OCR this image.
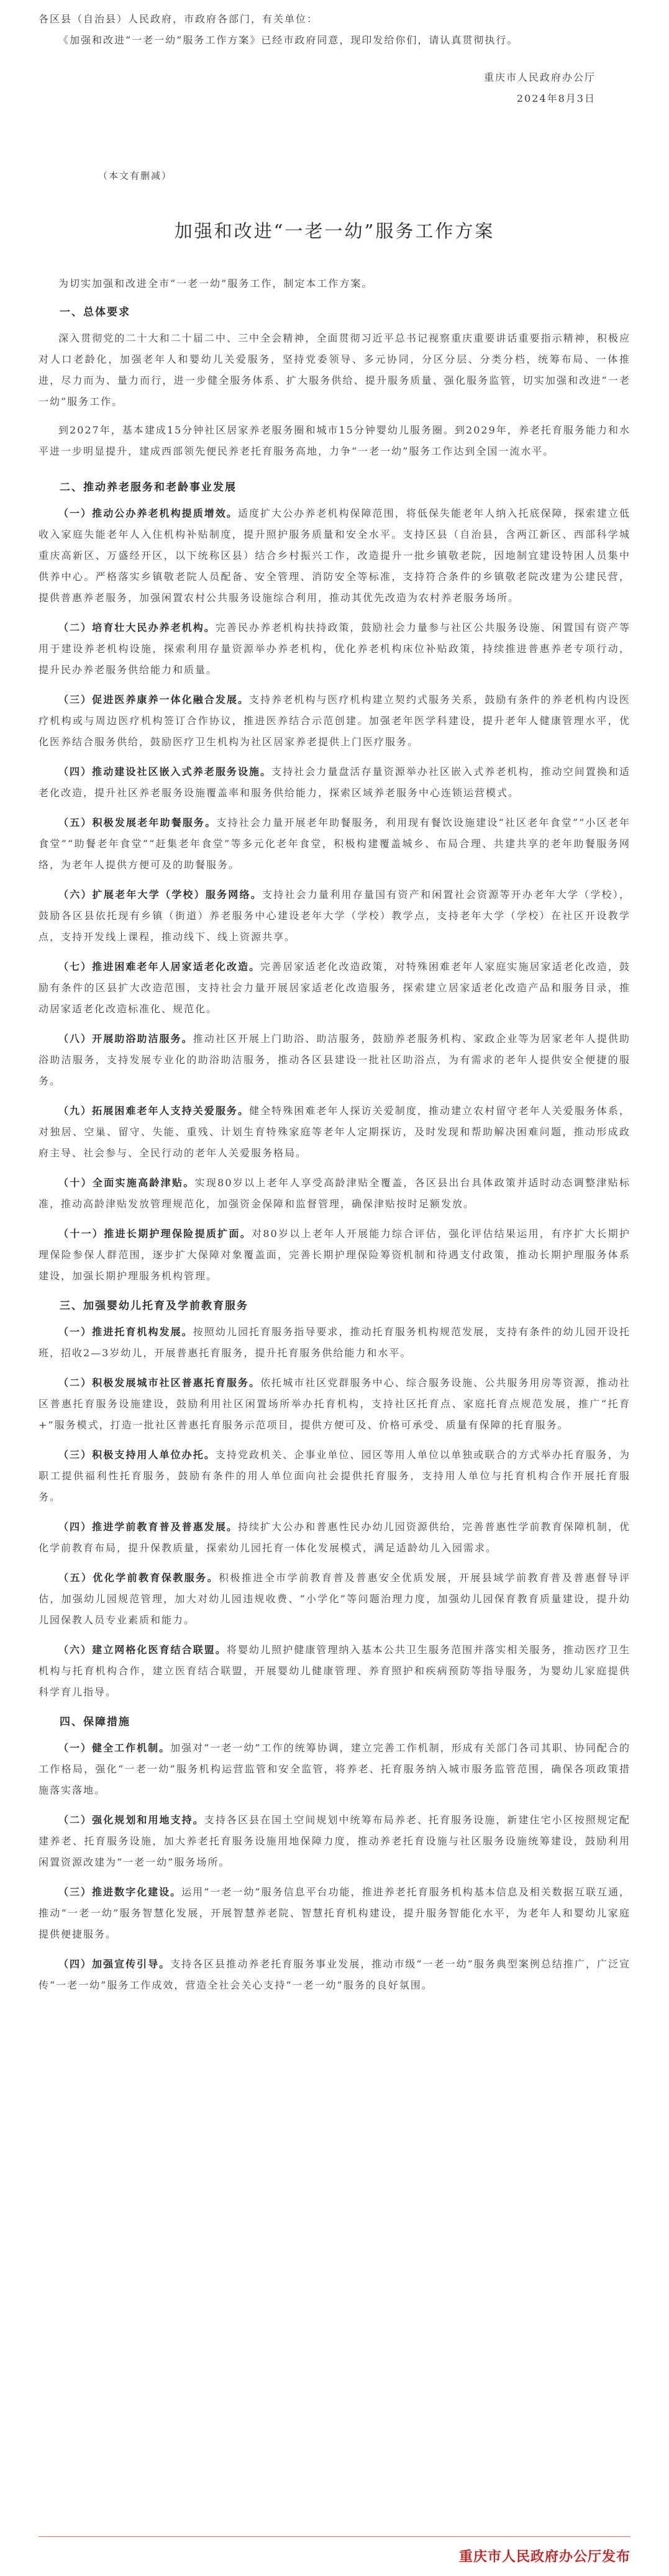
各区县（自治县）人民政府，市政府各部门，有关单位：

《加强和改进“一老一幼”服务工作方案》已经市政府同意，现印发给你们，请认真贯彻执行。

重庆市人民政府办公厅
2024年8月3日
（本文有删减）
加强和改进“一老一幼”服务工作方案

为切实加强和改进全市“一老一幼”服务工作，制定本工作方案。

一、总体要求

深入贯彻党的二十大和二十届二中、三中全会精神，全面贯彻习近平总书记视察重庆重要讲话重要指示精神，积极应对人口老龄化，加强老年人和婴幼儿关爱服务，坚持党委领导、多元协同，分区分层、分类分档，统筹布局、一体推进，尽力而为、量力而行，进一步健全服务体系、扩大服务供给、提升服务质量、强化服务监管，切实加强和改进“一老一幼”服务工作。

到2027年，基本建成15分钟社区居家养老服务圈和城市15分钟婴幼儿服务圈。到2029年，养老托育服务能力和水平进一步明显提升，建成西部领先便民养老托育服务高地，力争“一老一幼”服务工作达到全国一流水平。

二、推动养老服务和老龄事业发展

（一）推动公办养老机构提质增效。适度扩大公办养老机构保障范围，将低保失能老年人纳入托底保障，探索建立低收入家庭失能老年人入住机构补贴制度，提升照护服务质量和安全水平。支持区县（自治县，含两江新区、西部科学城重庆高新区、万盛经开区，以下统称区县）结合乡村振兴工作，改造提升一批乡镇敬老院，因地制宜建设特困人员集中供养中心。严格落实乡镇敬老院人员配备、安全管理、消防安全等标准，支持符合条件的乡镇敬老院改建为公建民营，提供普惠养老服务，加强闲置农村公共服务设施综合利用，推动其优先改造为农村养老服务场所。

（二）培育壮大民办养老机构。完善民办养老机构扶持政策，鼓励社会力量参与社区公共服务设施、闲置国有资产等用于建设养老机构设施，探索利用存量资源举办养老机构，优化养老机构床位补贴政策，持续推进普惠养老专项行动，提升民办养老服务供给能力和质量。

（三）促进医养康养一体化融合发展。支持养老机构与医疗机构建立契约式服务关系，鼓励有条件的养老机构内设医疗机构或与周边医疗机构签订合作协议，推进医养结合示范创建。加强老年医学科建设，提升老年人健康管理水平，优化医养结合服务供给，鼓励医疗卫生机构为社区居家养老提供上门医疗服务。

（四）推动建设社区嵌入式养老服务设施。支持社会力量盘活存量资源举办社区嵌入式养老机构，推动空间置换和适老化改造，提升社区养老服务设施覆盖率和服务供给能力，探索区域养老服务中心连锁运营模式。

（五）积极发展老年助餐服务。支持社会力量开展老年助餐服务，利用现有餐饮设施建设“社区老年食堂”“小区老年食堂”“助餐老年食堂”“赶集老年食堂”等多元化老年食堂，积极构建覆盖城乡、布局合理、共建共享的老年助餐服务网络，为老年人提供方便可及的助餐服务。

（六）扩展老年大学（学校）服务网络。支持社会力量利用存量国有资产和闲置社会资源等开办老年大学（学校），鼓励各区县依托现有乡镇（街道）养老服务中心建设老年大学（学校）教学点，支持老年大学（学校）在社区开设教学点，支持开发线上课程，推动线下、线上资源共享。

（七）推进困难老年人居家适老化改造。完善居家适老化改造政策，对特殊困难老年人家庭实施居家适老化改造，鼓励有条件的区县扩大改造范围，支持社会力量开展居家适老化改造服务，探索建立居家适老化改造产品和服务目录，推动居家适老化改造标准化、规范化。

（八）开展助浴助洁服务。推动社区开展上门助浴、助洁服务，鼓励养老服务机构、家政企业等为居家老年人提供助浴助洁服务，支持发展专业化的助浴助洁服务，推动各区县建设一批社区助浴点，为有需求的老年人提供安全便捷的服务。

（九）拓展困难老年人支持关爱服务。健全特殊困难老年人探访关爱制度，推动建立农村留守老年人关爱服务体系，对独居、空巢、留守、失能、重残、计划生育特殊家庭等老年人定期探访，及时发现和帮助解决困难问题，推动形成政府主导、社会参与、全民行动的老年人关爱服务格局。

（十）全面实施高龄津贴。实现80岁以上老年人享受高龄津贴全覆盖，各区县出台具体政策并适时动态调整津贴标准，推动高龄津贴发放管理规范化，加强资金保障和监督管理，确保津贴按时足额发放。

（十一）推进长期护理保险提质扩面。对80岁以上老年人开展能力综合评估，强化评估结果运用，有序扩大长期护理保险参保人群范围，逐步扩大保障对象覆盖面，完善长期护理保险筹资机制和待遇支付政策，推动长期护理服务体系建设，加强长期护理服务机构管理。

三、加强婴幼儿托育及学前教育服务

（一）推进托育机构发展。按照幼儿园托育服务指导要求，推动托育服务机构规范发展，支持有条件的幼儿园开设托班，招收2—3岁幼儿，开展普惠托育服务，提升托育服务供给能力和水平。

（二）积极发展城市社区普惠托育服务。依托城市社区党群服务中心、综合服务设施、公共服务用房等资源，推动社区普惠托育服务设施建设，鼓励利用社区闲置场所举办托育机构，支持社区托育点、家庭托育点规范发展，推广“托育+”服务模式，打造一批社区普惠托育服务示范项目，提供方便可及、价格可承受、质量有保障的托育服务。

（三）积极支持用人单位办托。支持党政机关、企事业单位、园区等用人单位以单独或联合的方式举办托育服务，为职工提供福利性托育服务，鼓励有条件的用人单位面向社会提供托育服务，支持用人单位与托育机构合作开展托育服务。

（四）推进学前教育普及普惠发展。持续扩大公办和普惠性民办幼儿园资源供给，完善普惠性学前教育保障机制，优化学前教育布局，提升保教质量，探索幼儿园托育一体化发展模式，满足适龄幼儿入园需求。

（五）优化学前教育保教服务。积极推进全市学前教育普及普惠安全优质发展，开展县域学前教育普及普惠督导评估，加强幼儿园规范管理，加大对幼儿园违规收费、“小学化”等问题治理力度，加强幼儿园保育教育质量建设，提升幼儿园保教人员专业素质和能力。

（六）建立网格化医育结合联盟。将婴幼儿照护健康管理纳入基本公共卫生服务范围并落实相关服务，推动医疗卫生机构与托育机构合作，建立医育结合联盟，开展婴幼儿健康管理、养育照护和疾病预防等指导服务，为婴幼儿家庭提供科学育儿指导。

四、保障措施

（一）健全工作机制。加强对“一老一幼”工作的统筹协调，建立完善工作机制，形成有关部门各司其职、协同配合的工作格局，强化“一老一幼”服务机构运营监管和安全监管，将养老、托育服务纳入城市服务监管范围，确保各项政策措施落实落地。

（二）强化规划和用地支持。支持各区县在国土空间规划中统筹布局养老、托育服务设施，新建住宅小区按照规定配建养老、托育服务设施，加大养老托育服务设施用地保障力度，推动养老托育设施与社区服务设施统筹建设，鼓励利用闲置资源改建为“一老一幼”服务场所。

（三）推进数字化建设。运用“一老一幼”服务信息平台功能，推进养老托育服务机构基本信息及相关数据互联互通，推动“一老一幼”服务智慧化发展，开展智慧养老院、智慧托育机构建设，提升服务智能化水平，为老年人和婴幼儿家庭提供便捷服务。

（四）加强宣传引导。支持各区县推动养老托育服务事业发展，推动市级“一老一幼”服务典型案例总结推广，广泛宣传“一老一幼”服务工作成效，营造全社会关心支持“一老一幼”服务的良好氛围。

重庆市人民政府办公厅发布
